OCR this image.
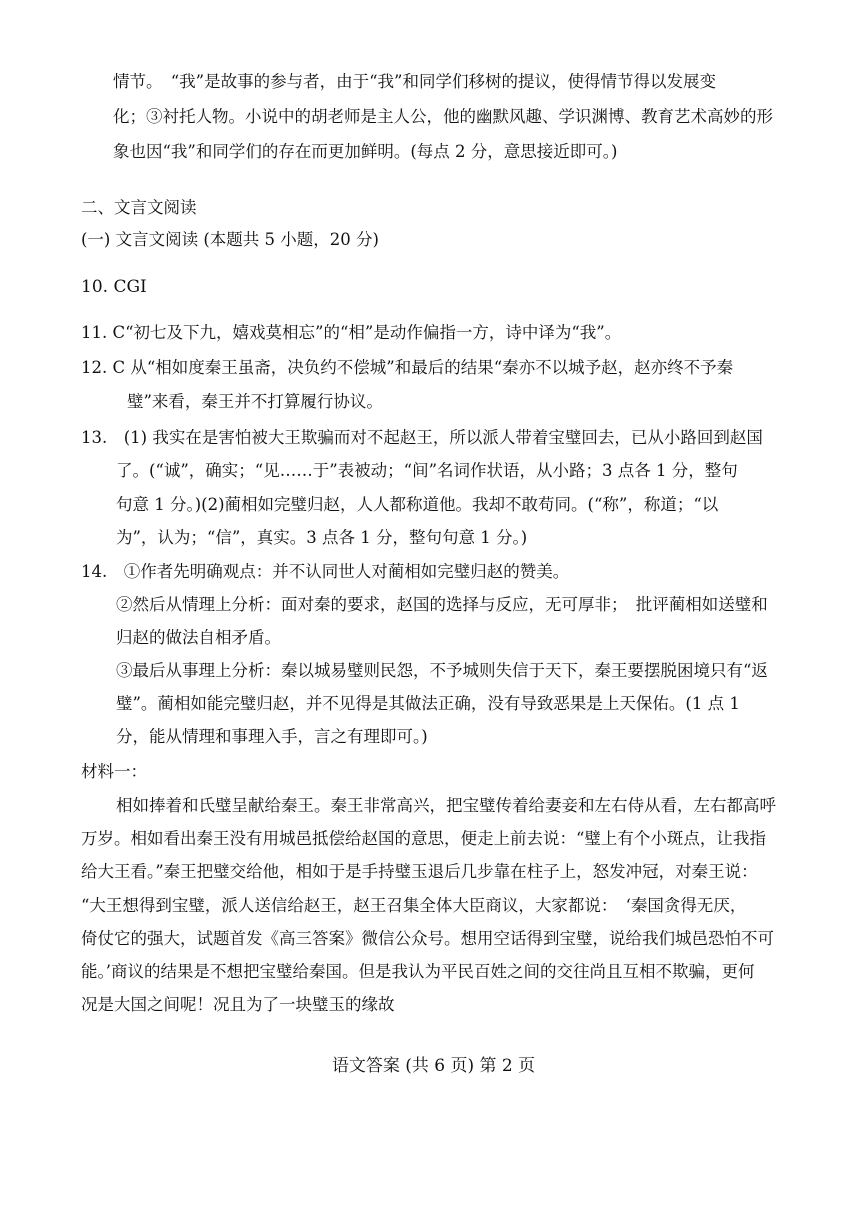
情节。　“我”是故事的参与者，由于“我”和同学们移树的提议，使得情节得以发展变
化；③衬托人物。小说中的胡老师是主人公，他的幽默风趣、学识渊博、教育艺术高妙的形
象也因“我”和同学们的存在而更加鲜明。(每点 2 分，意思接近即可。)
二、文言文阅读
(一) 文言文阅读 (本题共 5 小题，20 分)
10. CGI
11. C“初七及下九，嬉戏莫相忘”的“相”是动作偏指一方，诗中译为“我”。
12. C 从“相如度秦王虽斋，决负约不偿城”和最后的结果“秦亦不以城予赵，赵亦终不予秦
璧”来看，秦王并不打算履行协议。
13.　(1) 我实在是害怕被大王欺骗而对不起赵王，所以派人带着宝璧回去，已从小路回到赵国
了。(“诚”，确实；“见……于”表被动；“间”名词作状语，从小路；3 点各 1 分，整句
句意 1 分。)(2)蔺相如完璧归赵，人人都称道他。我却不敢苟同。(“称”，称道；“以
为”，认为；“信”，真实。3 点各 1 分，整句句意 1 分。)
14.　①作者先明确观点：并不认同世人对蔺相如完璧归赵的赞美。
②然后从情理上分析：面对秦的要求，赵国的选择与反应，无可厚非；　批评蔺相如送璧和
归赵的做法自相矛盾。
③最后从事理上分析：秦以城易璧则民怨，不予城则失信于天下，秦王要摆脱困境只有“返
璧”。蔺相如能完璧归赵，并不见得是其做法正确，没有导致恶果是上天保佑。(1 点 1
分，能从情理和事理入手，言之有理即可。)
材料一：
相如捧着和氏璧呈献给秦王。秦王非常高兴，把宝璧传着给妻妾和左右侍从看，左右都高呼
万岁。相如看出秦王没有用城邑抵偿给赵国的意思，便走上前去说：“璧上有个小斑点，让我指
给大王看。”秦王把璧交给他，相如于是手持璧玉退后几步靠在柱子上，怒发冲冠，对秦王说：
“大王想得到宝璧，派人送信给赵王，赵王召集全体大臣商议，大家都说：　‘秦国贪得无厌，
倚仗它的强大，试题首发《高三答案》微信公众号。想用空话得到宝璧，说给我们城邑恐怕不可
能。’商议的结果是不想把宝璧给秦国。但是我认为平民百姓之间的交往尚且互相不欺骗，更何
况是大国之间呢！况且为了一块璧玉的缘故
语文答案 (共 6 页) 第 2 页
